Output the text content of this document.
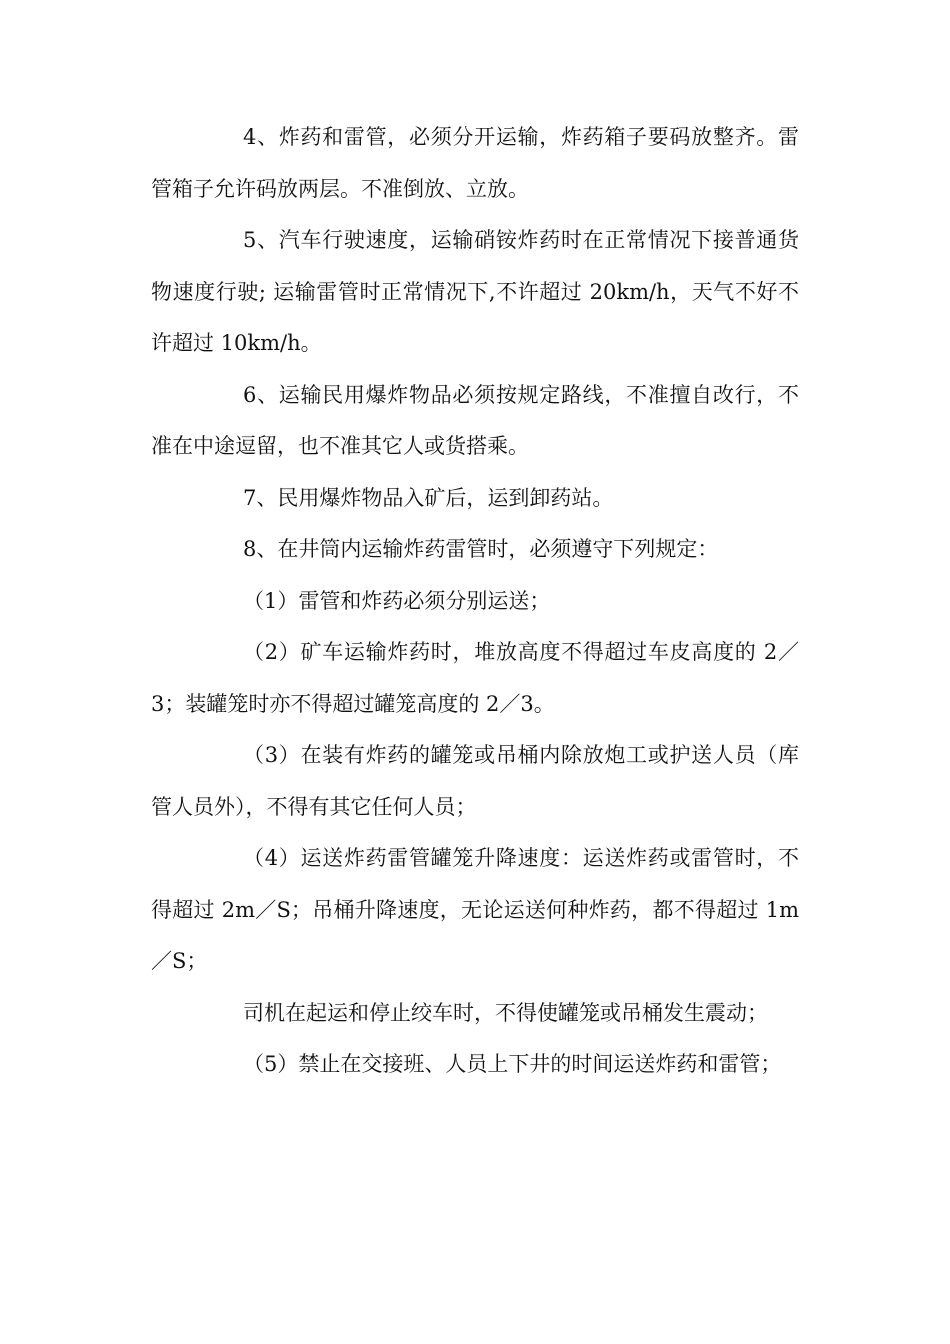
4、炸药和雷管，必须分开运输，炸药箱子要码放整齐。雷管箱子允许码放两层。不准倒放、立放。

5、汽车行驶速度，运输硝铵炸药时在正常情况下接普通货物速度行驶; 运输雷管时正常情况下,不许超过 20km/h，天气不好不许超过 10km/h。

6、运输民用爆炸物品必须按规定路线，不准擅自改行，不准在中途逗留，也不准其它人或货搭乘。

7、民用爆炸物品入矿后，运到卸药站。

8、在井筒内运输炸药雷管时，必须遵守下列规定：

（1）雷管和炸药必须分别运送；

（2）矿车运输炸药时，堆放高度不得超过车皮高度的 2／3；装罐笼时亦不得超过罐笼高度的 2／3。

（3）在装有炸药的罐笼或吊桶内除放炮工或护送人员（库管人员外），不得有其它任何人员；

（4）运送炸药雷管罐笼升降速度：运送炸药或雷管时，不得超过 2m／S；吊桶升降速度，无论运送何种炸药，都不得超过 1m／S；

司机在起运和停止绞车时，不得使罐笼或吊桶发生震动；

（5）禁止在交接班、人员上下井的时间运送炸药和雷管；
